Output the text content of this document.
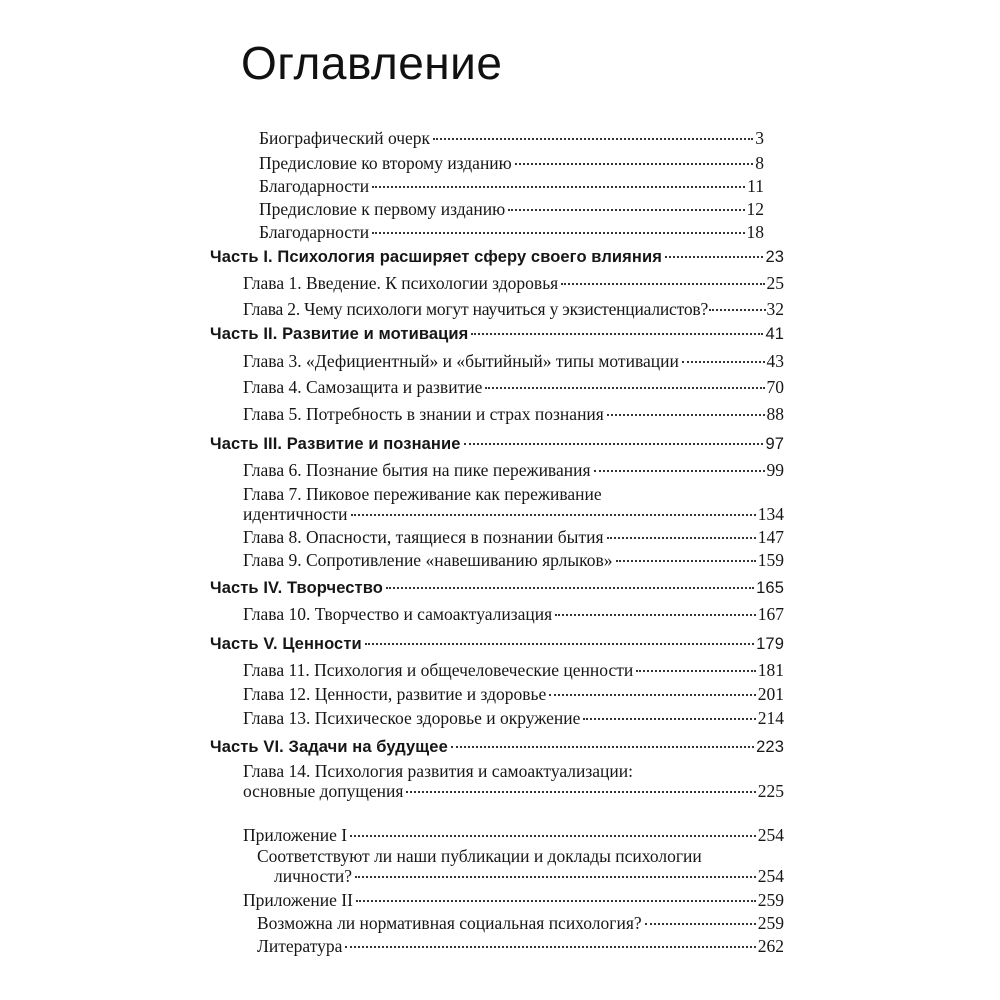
Оглавление
Биографический очерк	3
Предисловие ко второму изданию	8
Благодарности	11
Предисловие к первому изданию	12
Благодарности	18
Часть I. Психология расширяет сферу своего влияния	23
Глава 1. Введение. К психологии здоровья	25
Глава 2. Чему психологи могут научиться у экзистенциалистов?	32
Часть II. Развитие и мотивация	41
Глава 3. «Дефициентный» и «бытийный» типы мотивации	43
Глава 4. Самозащита и развитие	70
Глава 5. Потребность в знании и страх познания	88
Часть III. Развитие и познание	97
Глава 6. Познание бытия на пике переживания	99
Глава 7. Пиковое переживание как переживание
идентичности	134
Глава 8. Опасности, таящиеся в познании бытия	147
Глава 9. Сопротивление «навешиванию ярлыков»	159
Часть IV. Творчество	165
Глава 10. Творчество и самоактуализация	167
Часть V. Ценности	179
Глава 11. Психология и общечеловеческие ценности	181
Глава 12. Ценности, развитие и здоровье	201
Глава 13. Психическое здоровье и окружение	214
Часть VI. Задачи на будущее	223
Глава 14. Психология развития и самоактуализации:
основные допущения	225
Приложение I	254
Соответствуют ли наши публикации и доклады психологии
личности?	254
Приложение II	259
Возможна ли нормативная социальная психология?	259
Литература	262
